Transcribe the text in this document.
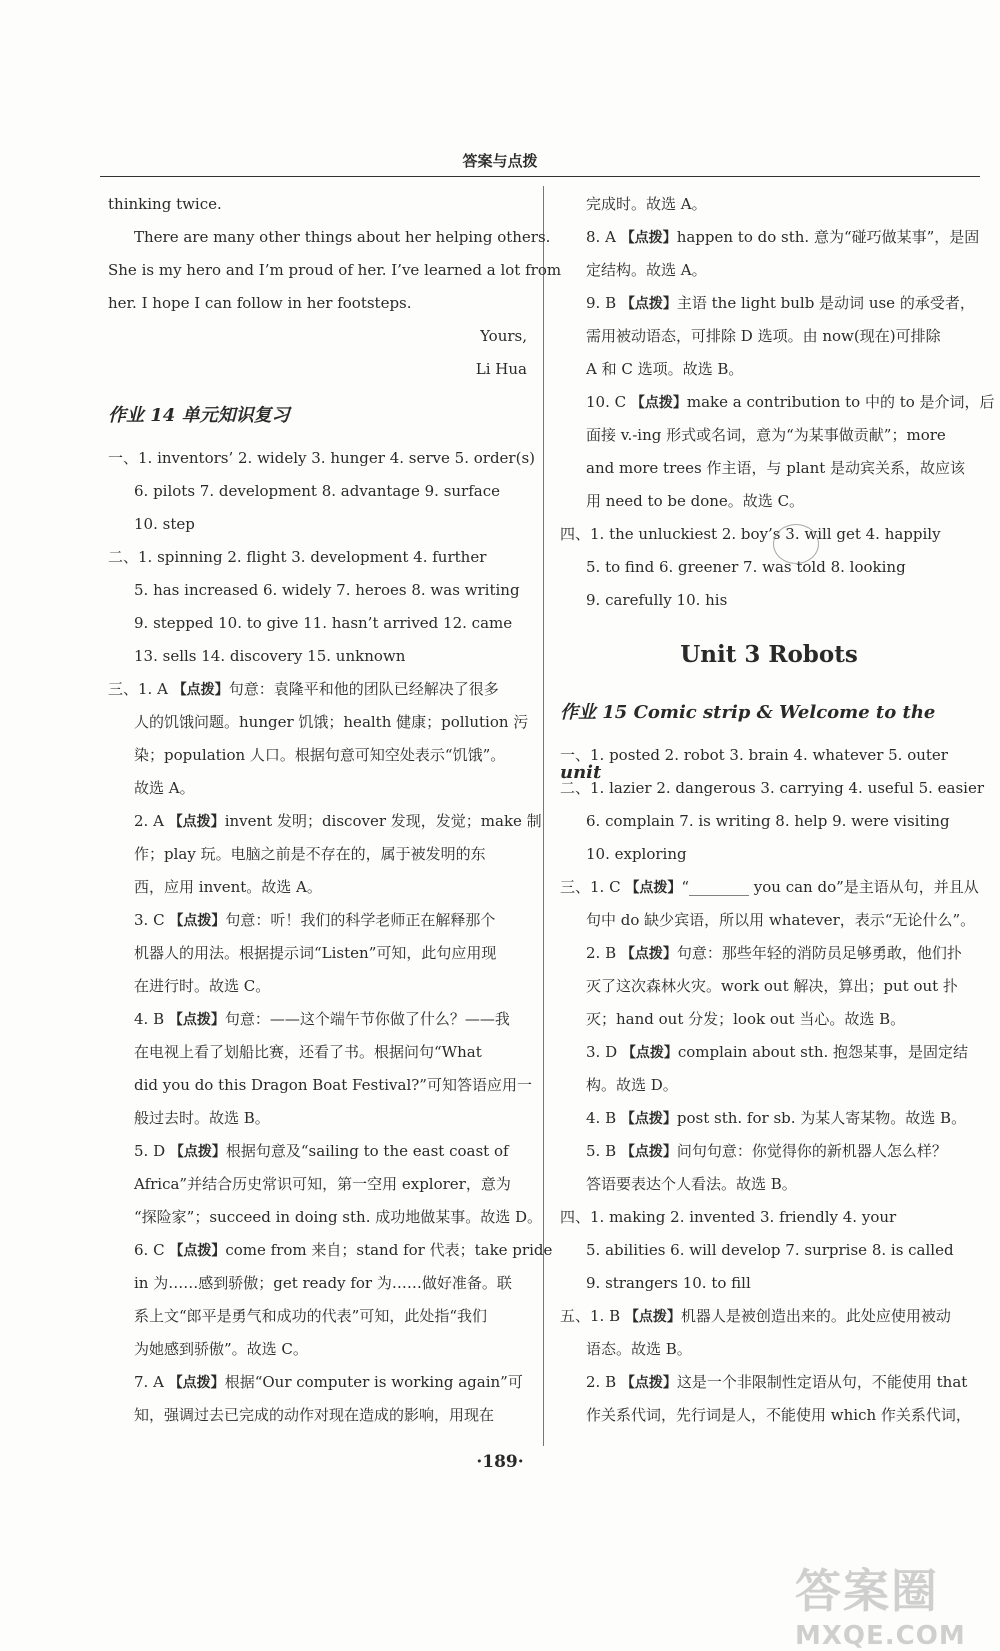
答案与点拨
thinking twice.
There are many other things about her helping others.
She is my hero and I’m proud of her. I’ve learned a lot from
her. I hope I can follow in her footsteps.
Yours,
Li Hua
作业 14 单元知识复习
一、1. inventors’ 2. widely 3. hunger 4. serve 5. order(s)
6. pilots 7. development 8. advantage 9. surface
10. step
二、1. spinning 2. flight 3. development 4. further
5. has increased 6. widely 7. heroes 8. was writing
9. stepped 10. to give 11. hasn’t arrived 12. came
13. sells 14. discovery 15. unknown
三、1. A 【点拨】句意：袁隆平和他的团队已经解决了很多
人的饥饿问题。hunger 饥饿；health 健康；pollution 污
染；population 人口。根据句意可知空处表示“饥饿”。
故选 A。
2. A 【点拨】invent 发明；discover 发现，发觉；make 制
作；play 玩。电脑之前是不存在的，属于被发明的东
西，应用 invent。故选 A。
3. C 【点拨】句意：听！我们的科学老师正在解释那个
机器人的用法。根据提示词“Listen”可知，此句应用现
在进行时。故选 C。
4. B 【点拨】句意：——这个端午节你做了什么？——我
在电视上看了划船比赛，还看了书。根据问句“What
did you do this Dragon Boat Festival?”可知答语应用一
般过去时。故选 B。
5. D 【点拨】根据句意及“sailing to the east coast of
Africa”并结合历史常识可知，第一空用 explorer，意为
“探险家”；succeed in doing sth. 成功地做某事。故选 D。
6. C 【点拨】come from 来自；stand for 代表；take pride
in 为……感到骄傲；get ready for 为……做好准备。联
系上文“郎平是勇气和成功的代表”可知，此处指“我们
为她感到骄傲”。故选 C。
7. A 【点拨】根据“Our computer is working again”可
知，强调过去已完成的动作对现在造成的影响，用现在
完成时。故选 A。
8. A 【点拨】happen to do sth. 意为“碰巧做某事”，是固
定结构。故选 A。
9. B 【点拨】主语 the light bulb 是动词 use 的承受者，
需用被动语态，可排除 D 选项。由 now(现在)可排除
A 和 C 选项。故选 B。
10. C 【点拨】make a contribution to 中的 to 是介词，后
面接 v.-ing 形式或名词，意为“为某事做贡献”；more
and more trees 作主语，与 plant 是动宾关系，故应该
用 need to be done。故选 C。
四、1. the unluckiest 2. boy’s 3. will get 4. happily
5. to find 6. greener 7. was told 8. looking
9. carefully 10. his
Unit 3 Robots
作业 15 Comic strip & Welcome to the unit
一、1. posted 2. robot 3. brain 4. whatever 5. outer
二、1. lazier 2. dangerous 3. carrying 4. useful 5. easier
6. complain 7. is writing 8. help 9. were visiting
10. exploring
三、1. C 【点拨】“________ you can do”是主语从句，并且从
句中 do 缺少宾语，所以用 whatever，表示“无论什么”。
2. B 【点拨】句意：那些年轻的消防员足够勇敢，他们扑
灭了这次森林火灾。work out 解决，算出；put out 扑
灭；hand out 分发；look out 当心。故选 B。
3. D 【点拨】complain about sth. 抱怨某事，是固定结
构。故选 D。
4. B 【点拨】post sth. for sb. 为某人寄某物。故选 B。
5. B 【点拨】问句句意：你觉得你的新机器人怎么样？
答语要表达个人看法。故选 B。
四、1. making 2. invented 3. friendly 4. your
5. abilities 6. will develop 7. surprise 8. is called
9. strangers 10. to fill
五、1. B 【点拨】机器人是被创造出来的。此处应使用被动
语态。故选 B。
2. B 【点拨】这是一个非限制性定语从句，不能使用 that
作关系代词，先行词是人，不能使用 which 作关系代词，
·189·
答案圈
MXQE.COM
